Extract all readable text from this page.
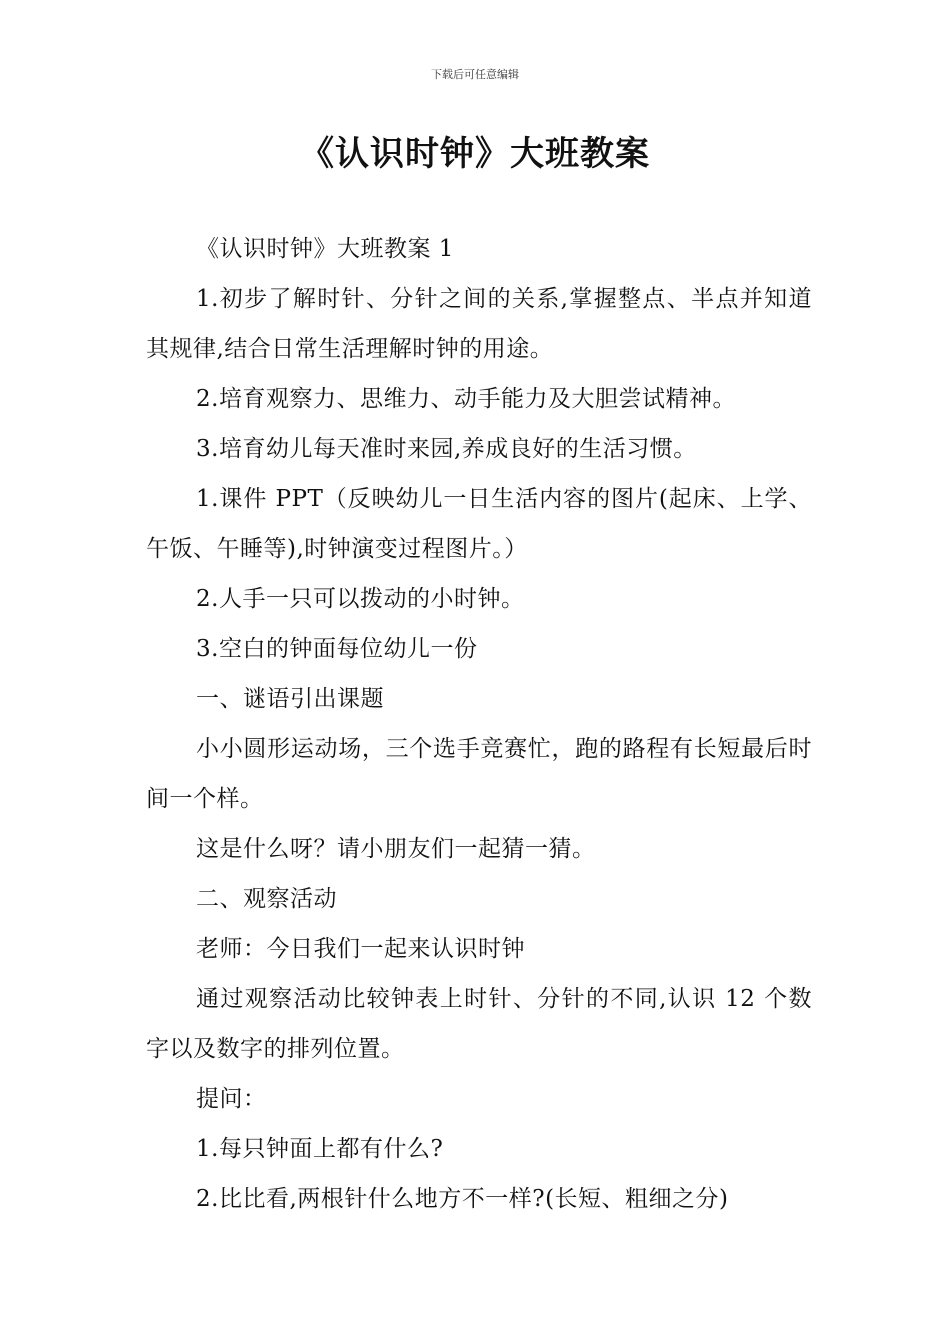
下载后可任意编辑
《认识时钟》大班教案

《认识时钟》大班教案 1

1.初步了解时针、分针之间的关系,掌握整点、半点并知道其规律,结合日常生活理解时钟的用途。

2.培育观察力、思维力、动手能力及大胆尝试精神。

3.培育幼儿每天准时来园,养成良好的生活习惯。

1.课件 PPT（反映幼儿一日生活内容的图片(起床、上学、午饭、午睡等),时钟演变过程图片。）

2.人手一只可以拨动的小时钟。

3.空白的钟面每位幼儿一份

一、谜语引出课题

小小圆形运动场，三个选手竞赛忙，跑的路程有长短最后时间一个样。

这是什么呀？请小朋友们一起猜一猜。

二、观察活动

老师：今日我们一起来认识时钟

通过观察活动比较钟表上时针、分针的不同,认识 12 个数字以及数字的排列位置。

提问：

1.每只钟面上都有什么?

2.比比看,两根针什么地方不一样?(长短、粗细之分)
